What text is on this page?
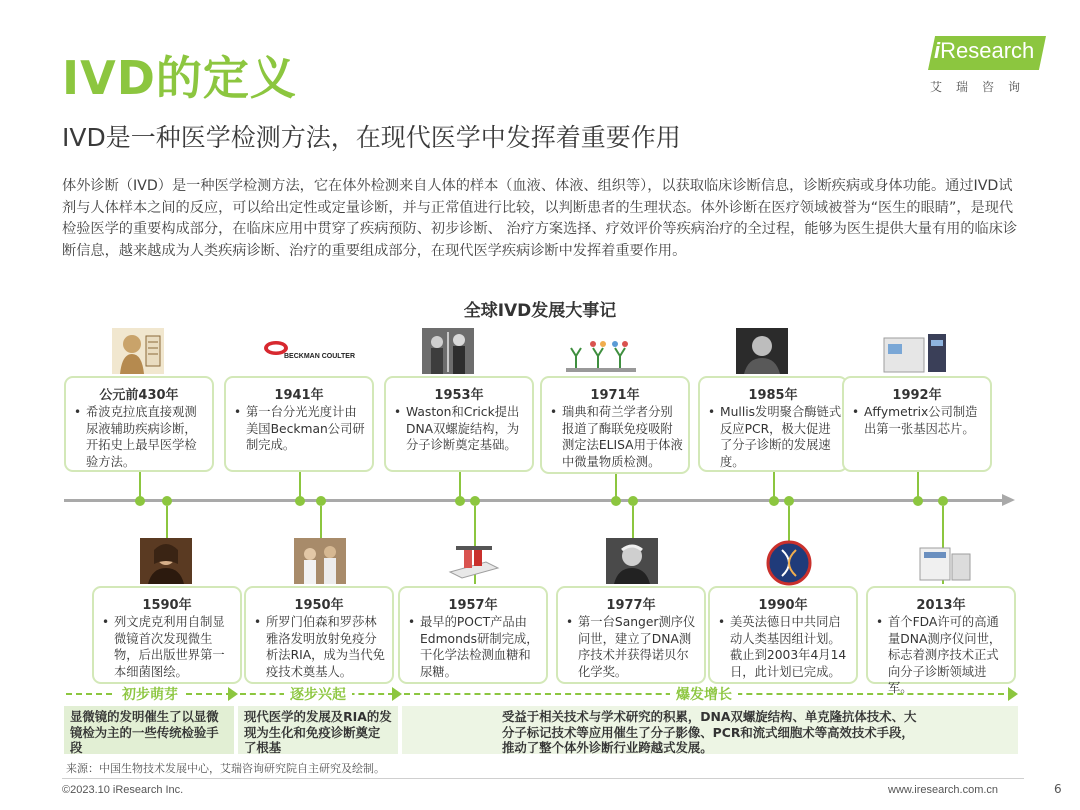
IVD的定义
IVD是一种医学检测方法，在现代医学中发挥着重要作用
iResearch
艾瑞咨询
体外诊断（IVD）是一种医学检测方法，它在体外检测来自人体的样本（血液、体液、组织等），以获取临床诊断信息，诊断疾病或身体功能。通过IVD试剂与人体样本之间的反应，可以给出定性或定量诊断，并与正常值进行比较，以判断患者的生理状态。体外诊断在医疗领域被誉为“医生的眼睛”，是现代检验医学的重要构成部分，在临床应用中贯穿了疾病预防、初步诊断、 治疗方案选择、疗效评价等疾病治疗的全过程，能够为医生提供大量有用的临床诊断信息，越来越成为人类疾病诊断、治疗的重要组成部分，在现代医学疾病诊断中发挥着重要作用。
全球IVD发展大事记
公元前430年
• 希波克拉底直接观测尿液辅助疾病诊断，开拓史上最早医学检验方法。
BECKMAN COULTER
1941年
• 第一台分光光度计由美国Beckman公司研制完成。
1953年
• Waston和Crick提出DNA双螺旋结构，为分子诊断奠定基础。
1971年
• 瑞典和荷兰学者分别报道了酶联免疫吸附测定法ELISA用于体液中微量物质检测。
1985年
• Mullis发明聚合酶链式反应PCR，极大促进了分子诊断的发展速度。
1992年
• Affymetrix公司制造出第一张基因芯片。
1590年
• 列文虎克利用自制显微镜首次发现微生物，后出版世界第一本细菌图绘。
1950年
• 所罗门伯森和罗莎林雅洛发明放射免疫分析法RIA，成为当代免疫技术奠基人。
1957年
• 最早的POCT产品由Edmonds研制完成，干化学法检测血糖和尿糖。
1977年
• 第一台Sanger测序仪问世，建立了DNA测序技术并获得诺贝尔化学奖。
1990年
• 美英法德日中共同启动人类基因组计划。截止到2003年4月14日，此计划已完成。
2013年
• 首个FDA许可的高通量DNA测序仪问世，标志着测序技术正式向分子诊断领域进军。
初步萌芽	逐步兴起	爆发增长
显微镜的发明催生了以显微镜检为主的一些传统检验手段
现代医学的发展及RIA的发现为生化和免疫诊断奠定了根基
受益于相关技术与学术研究的积累，DNA双螺旋结构、单克隆抗体技术、大分子标记技术等应用催生了分子影像、PCR和流式细胞术等高效技术手段，推动了整个体外诊断行业跨越式发展。
来源：中国生物技术发展中心，艾瑞咨询研究院自主研究及绘制。
©2023.10 iResearch Inc.	www.iresearch.com.cn	6
